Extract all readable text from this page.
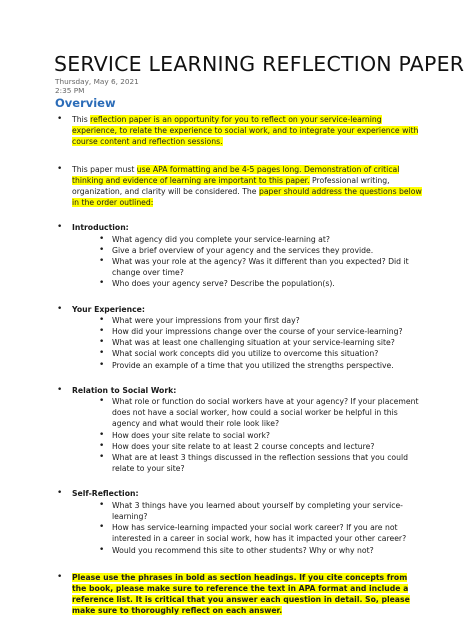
SERVICE LEARNING REFLECTION PAPER
Thursday, May 6, 2021
2:35 PM
Overview
• This reflection paper is an opportunity for you to reflect on your service-learning experience, to relate the experience to social work, and to integrate your experience with course content and reflection sessions.
• This paper must use APA formatting and be 4-5 pages long. Demonstration of critical thinking and evidence of learning are important to this paper. Professional writing, organization, and clarity will be considered. The paper should address the questions below in the order outlined:
• Introduction:
• What agency did you complete your service-learning at?
• Give a brief overview of your agency and the services they provide.
• What was your role at the agency? Was it different than you expected? Did it change over time?
• Who does your agency serve? Describe the population(s).
• Your Experience:
• What were your impressions from your first day?
• How did your impressions change over the course of your service-learning?
• What was at least one challenging situation at your service-learning site?
• What social work concepts did you utilize to overcome this situation?
• Provide an example of a time that you utilized the strengths perspective.
• Relation to Social Work:
• What role or function do social workers have at your agency? If your placement does not have a social worker, how could a social worker be helpful in this agency and what would their role look like?
• How does your site relate to social work?
• How does your site relate to at least 2 course concepts and lecture?
• What are at least 3 things discussed in the reflection sessions that you could relate to your site?
• Self-Reflection:
• What 3 things have you learned about yourself by completing your service-learning?
• How has service-learning impacted your social work career? If you are not interested in a career in social work, how has it impacted your other career?
• Would you recommend this site to other students? Why or why not?
• Please use the phrases in bold as section headings. If you cite concepts from the book, please make sure to reference the text in APA format and include a reference list. It is critical that you answer each question in detail. So, please make sure to thoroughly reflect on each answer.
